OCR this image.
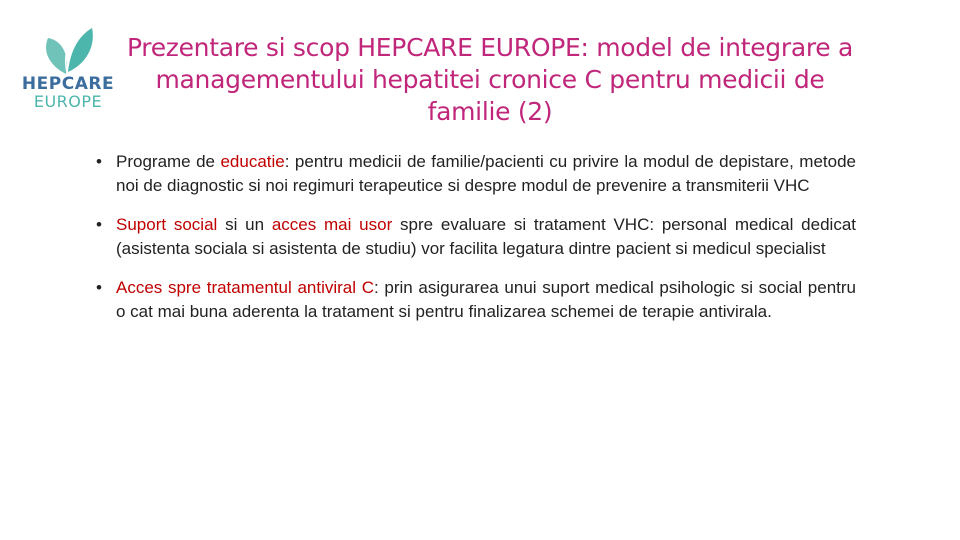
HEPCARE
EUROPE
Prezentare si scop HEPCARE EUROPE: model de integrare a managementului hepatitei cronice C pentru medicii de familie (2)
• Programe de educatie: pentru medicii de familie/pacienti cu privire la modul de depistare, metode noi de diagnostic si noi regimuri terapeutice si despre modul de prevenire a transmiterii VHC
• Suport social si un acces mai usor spre evaluare si tratament VHC: personal medical dedicat (asistenta sociala si asistenta de studiu) vor facilita legatura dintre pacient si medicul specialist
• Acces spre tratamentul antiviral C: prin asigurarea unui suport medical psihologic si social pentru o cat mai buna aderenta la tratament si pentru finalizarea schemei de terapie antivirala.
